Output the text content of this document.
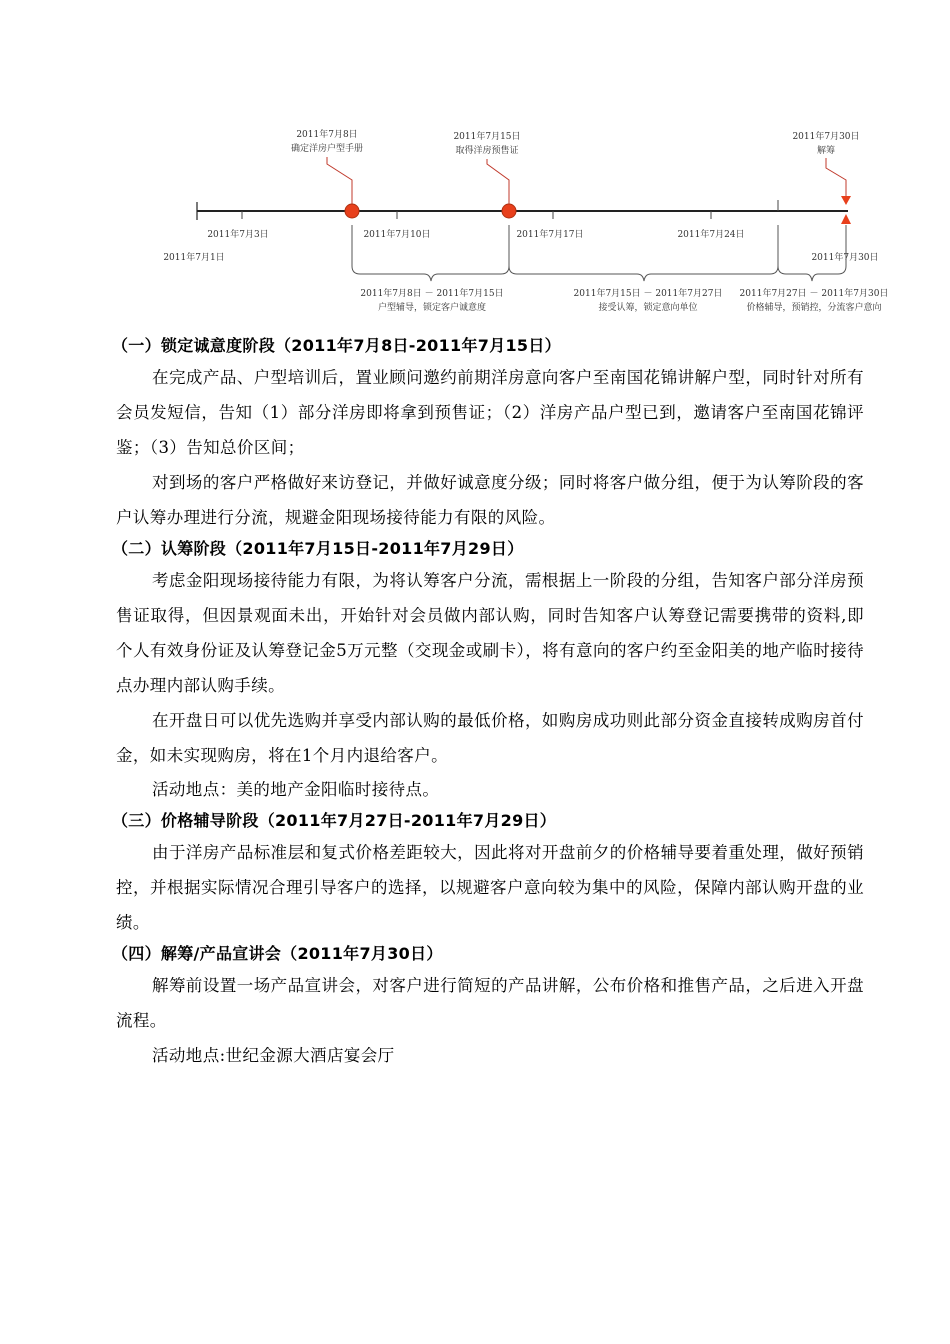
2011年7月8日
确定洋房户型手册
2011年7月15日
取得洋房预售证
2011年7月30日
解筹
2011年7月3日	2011年7月10日	2011年7月17日	2011年7月24日
2011年7月1日	2011年7月30日
2011年7月8日 － 2011年7月15日
户型辅导，锁定客户诚意度
2011年7月15日 － 2011年7月27日
接受认筹，锁定意向单位
2011年7月27日 － 2011年7月30日
价格辅导，预销控，分流客户意向
（一）锁定诚意度阶段（2011年7月8日-2011年7月15日）

在完成产品、户型培训后，置业顾问邀约前期洋房意向客户至南国花锦讲解户型，同时针对所有会员发短信，告知（1）部分洋房即将拿到预售证；（2）洋房产品户型已到，邀请客户至南国花锦评鉴；（3）告知总价区间；

对到场的客户严格做好来访登记，并做好诚意度分级；同时将客户做分组，便于为认筹阶段的客户认筹办理进行分流，规避金阳现场接待能力有限的风险。

（二）认筹阶段（2011年7月15日-2011年7月29日）

考虑金阳现场接待能力有限，为将认筹客户分流，需根据上一阶段的分组，告知客户部分洋房预售证取得，但因景观面未出，开始针对会员做内部认购，同时告知客户认筹登记需要携带的资料,即个人有效身份证及认筹登记金5万元整（交现金或刷卡），将有意向的客户约至金阳美的地产临时接待点办理内部认购手续。

在开盘日可以优先选购并享受内部认购的最低价格，如购房成功则此部分资金直接转成购房首付金，如未实现购房，将在1个月内退给客户。

活动地点：美的地产金阳临时接待点。

（三）价格辅导阶段（2011年7月27日-2011年7月29日）

由于洋房产品标准层和复式价格差距较大，因此将对开盘前夕的价格辅导要着重处理，做好预销控，并根据实际情况合理引导客户的选择，以规避客户意向较为集中的风险，保障内部认购开盘的业绩。

（四）解筹/产品宣讲会（2011年7月30日）

解筹前设置一场产品宣讲会，对客户进行简短的产品讲解，公布价格和推售产品，之后进入开盘流程。

活动地点:世纪金源大酒店宴会厅
